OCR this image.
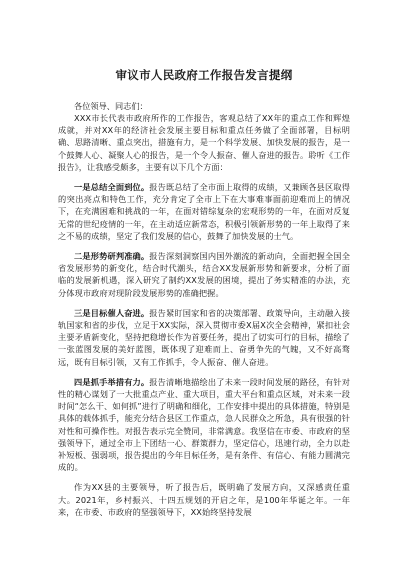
审议市人民政府工作报告发言提纲

各位领导、同志们：

XXX市长代表市政府所作的工作报告，客观总结了XX年的重点工作和辉煌成就，并对XX年的经济社会发展主要目标和重点任务做了全面部署，目标明确、思路清晰、重点突出，措施有力，是一个科学发展、加快发展的报告，是一个鼓舞人心、凝聚人心的报告，是一个令人振奋、催人奋进的报告。聆听《工作报告》，让我感受颇多，主要有以下几个方面：

一是总结全面到位。报告既总结了全市面上取得的成绩，又兼顾各县区取得的突出亮点和特色工作，充分肯定了全市上下在大事难事面前迎难而上的情况下，在充满困难和挑战的一年，在面对错综复杂的宏观形势的一年，在面对反复无常的世纪疫情的一年，在主动适应新常态，积极引领新形势的一年上取得了来之不易的成绩，坚定了我们发展的信心，鼓舞了加快发展的士气。

二是形势研判准确。报告深刻洞察国内国外潮流的新动向，全面把握全国全省发展形势的新变化，结合时代潮头，结合XX发展新形势和新要求，分析了面临的发展新机遇，深入研究了制约XX发展的困境，提出了务实精准的办法，充分体现市政府对现阶段发展形势的准确把握。

三是目标催人奋进。报告紧盯国家和省的决策部署、政策导向，主动融入接轨国家和省的步伐，立足于XX实际，深入贯彻市委X届X次全会精神，紧扣社会主要矛盾新变化，坚持把稳增长作为首要任务，提出了切实可行的目标，描绘了一张蓝图发展的美好蓝图，既体现了迎难而上、奋勇争先的气魄，又不好高骛远，既有目标引领，又有工作抓手，令人振奋、催人奋进。

四是抓手举措有力。报告清晰地描绘出了未来一段时间发展的路径，有针对性的精心谋划了一大批重点产业、重大项目，重大平台和重点区域，对未来一段时间“怎么干、如何抓”进行了明确和细化，工作安排中提出的具体措施，特别是具体的载体抓手，能充分结合县区工作重点，急人民群众之所急，具有很强的针对性和可操作性。对报告表示完全赞同，非常满意。我坚信在市委、市政府的坚强领导下，通过全市上下团结一心、群策群力，坚定信心，迅速行动，全力以赴补短板、强弱项，报告提出的今年目标任务，是有条件、有信心、有能力圆满完成的。

作为XX县的主要领导，听了报告后，既明确了发展方向，又深感责任重大。2021年，乡村振兴、十四五规划的开启之年，是100年华诞之年。一年来，在市委、市政府的坚强领导下，XX始终坚持发展
